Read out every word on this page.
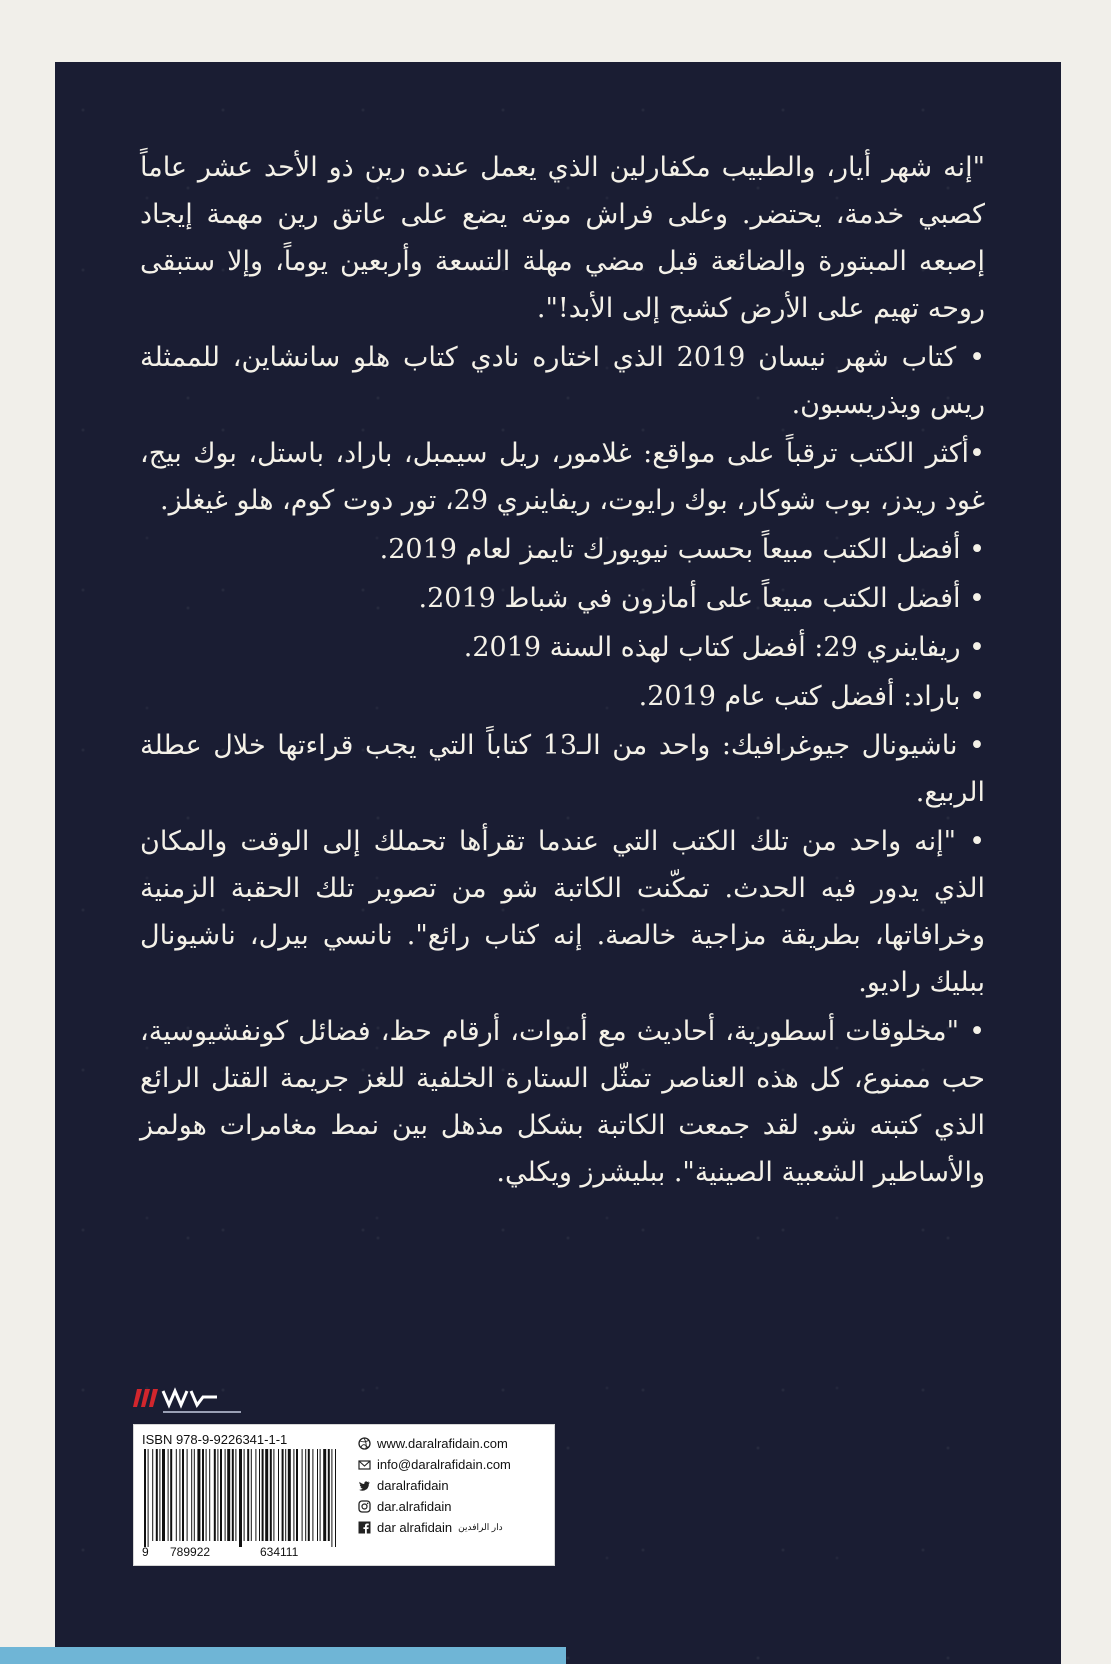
"إنه شهر أيار، والطبيب مكفارلين الذي يعمل عنده رين ذو الأحد عشر عاماً كصبي خدمة، يحتضر. وعلى فراش موته يضع على عاتق رين مهمة إيجاد إصبعه المبتورة والضائعة قبل مضي مهلة التسعة وأربعين يوماً، وإلا ستبقى روحه تهيم على الأرض كشبح إلى الأبد!".

• كتاب شهر نيسان 2019 الذي اختاره نادي كتاب هلو سانشاين، للممثلة ريس ويذريسبون.

•أكثر الكتب ترقباً على مواقع: غلامور، ريل سيمبل، باراد، باستل، بوك بيج، غود ريدز، بوب شوكار، بوك رايوت، ريفاينري 29، تور دوت كوم، هلو غيغلز.

• أفضل الكتب مبيعاً بحسب نيويورك تايمز لعام 2019.

• أفضل الكتب مبيعاً على أمازون في شباط 2019.

• ريفاينري 29: أفضل كتاب لهذه السنة 2019.

• باراد: أفضل كتب عام 2019.

• ناشيونال جيوغرافيك: واحد من الـ13 كتاباً التي يجب قراءتها خلال عطلة الربيع.

• "إنه واحد من تلك الكتب التي عندما تقرأها تحملك إلى الوقت والمكان الذي يدور فيه الحدث. تمكّنت الكاتبة شو من تصوير تلك الحقبة الزمنية وخرافاتها، بطريقة مزاجية خالصة. إنه كتاب رائع". نانسي بيرل، ناشيونال ببليك راديو.

• "مخلوقات أسطورية، أحاديث مع أموات، أرقام حظ، فضائل كونفشيوسية، حب ممنوع، كل هذه العناصر تمثّل الستارة الخلفية للغز جريمة القتل الرائع الذي كتبته شو. لقد جمعت الكاتبة بشكل مذهل بين نمط مغامرات هولمز والأساطير الشعبية الصينية". ببليشرز ويكلي.

ISBN 978-9-9226341-1-1
9 789922	634111
www.daralrafidain.com
info@daralrafidain.com
daralrafidain
dar.alrafidain
dar alrafidain دار الرافدين
